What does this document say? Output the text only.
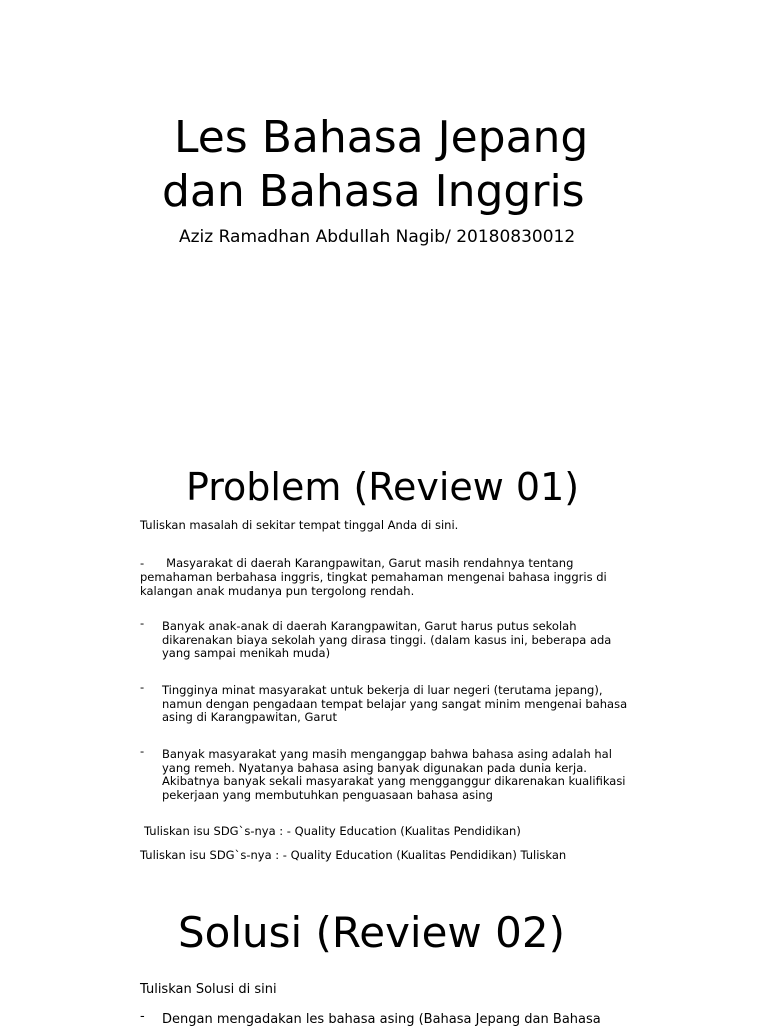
Les Bahasa Jepang
dan Bahasa Inggris

Aziz Ramadhan Abdullah Nagib/ 20180830012

Problem (Review 01)

Tuliskan masalah di sekitar tempat tinggal Anda di sini.

- Masyarakat di daerah Karangpawitan, Garut masih rendahnya tentang pemahaman berbahasa inggris, tingkat pemahaman mengenai bahasa inggris di kalangan anak mudanya pun tergolong rendah.
- Banyak anak-anak di daerah Karangpawitan, Garut harus putus sekolah dikarenakan biaya sekolah yang dirasa tinggi. (dalam kasus ini, beberapa ada yang sampai menikah muda)
- Tingginya minat masyarakat untuk bekerja di luar negeri (terutama jepang), namun dengan pengadaan tempat belajar yang sangat minim mengenai bahasa asing di Karangpawitan, Garut
- Banyak masyarakat yang masih menganggap bahwa bahasa asing adalah hal yang remeh. Nyatanya bahasa asing banyak digunakan pada dunia kerja. Akibatnya banyak sekali masyarakat yang mengganggur dikarenakan kualifikasi pekerjaan yang membutuhkan penguasaan bahasa asing

Tuliskan isu SDG`s-nya : - Quality Education (Kualitas Pendidikan)

Tuliskan isu SDG`s-nya : - Quality Education (Kualitas Pendidikan) Tuliskan
Solusi (Review 02)

Tuliskan Solusi di sini

- Dengan mengadakan les bahasa asing (Bahasa Jepang dan Bahasa
